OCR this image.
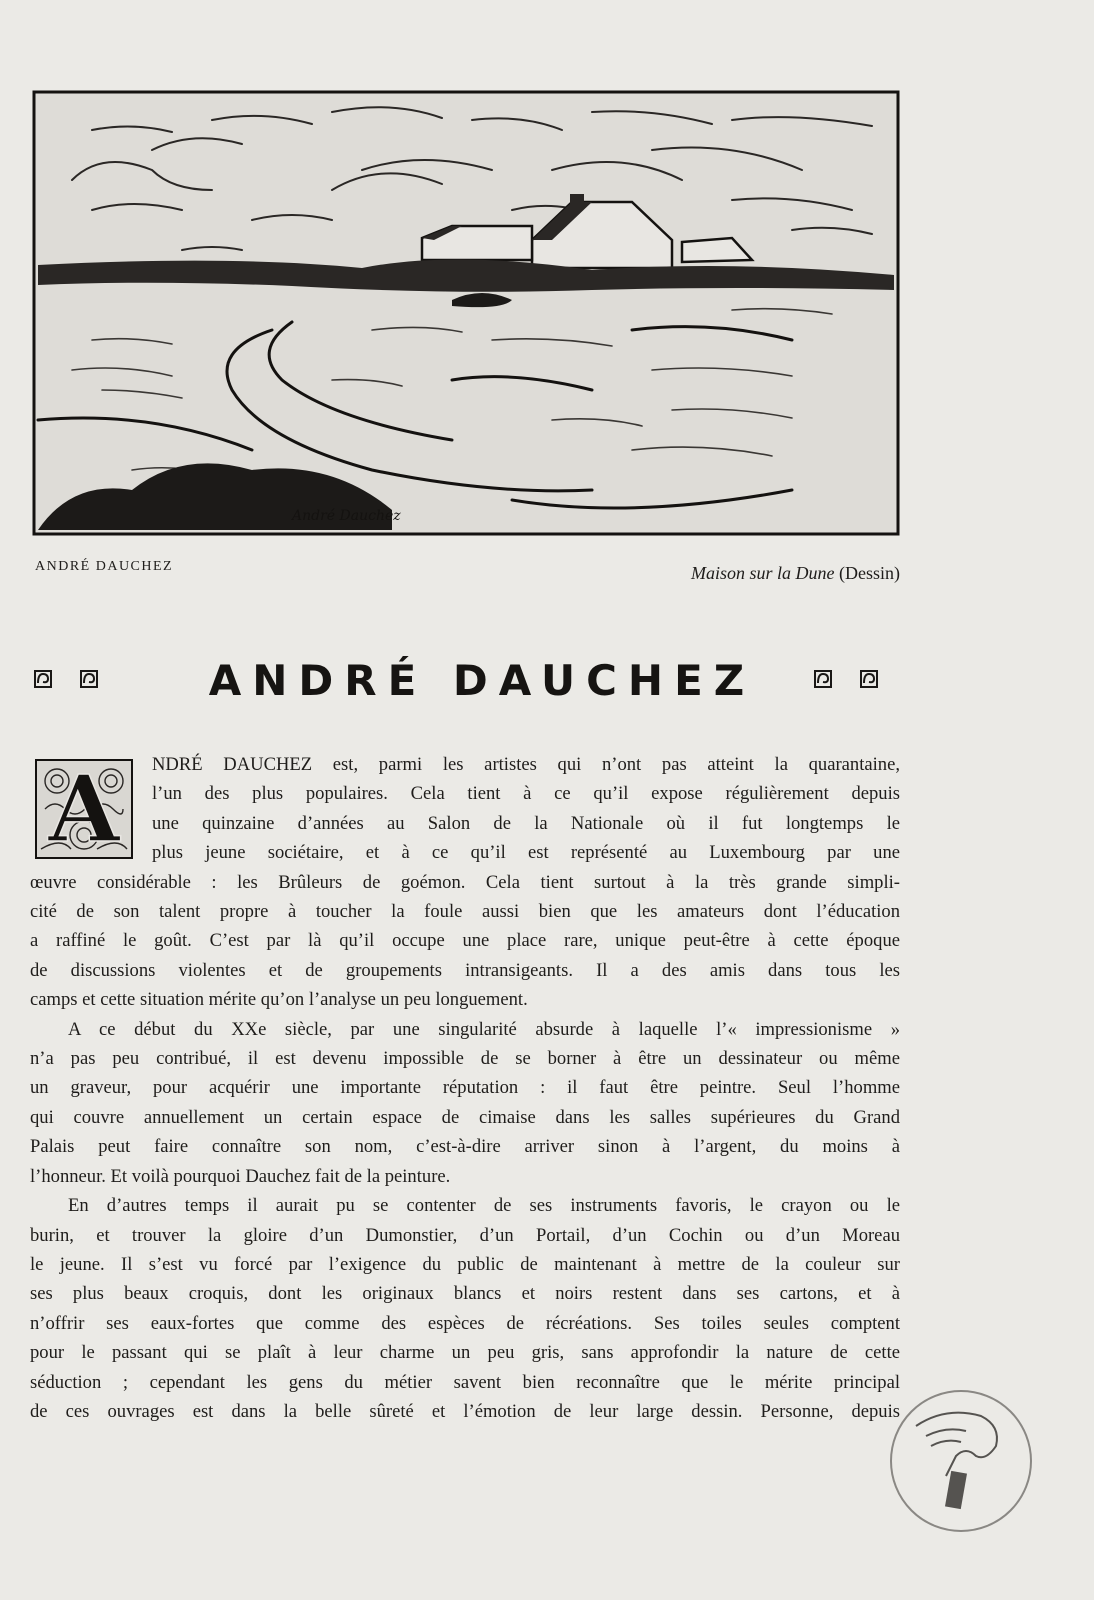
André Dauchez
ANDRÉ DAUCHEZ	Maison sur la Dune (Dessin)
ANDRÉ DAUCHEZ
A	NDRÉ DAUCHEZ est, parmi les artistes qui n’ont pas atteint la quarantaine,
l’un des plus populaires. Cela tient à ce qu’il expose régulièrement depuis
une quinzaine d’années au Salon de la Nationale où il fut longtemps le
plus jeune sociétaire, et à ce qu’il est représenté au Luxembourg par une
œuvre considérable : les Brûleurs de goémon. Cela tient surtout à la très grande simpli-
cité de son talent propre à toucher la foule aussi bien que les amateurs dont l’éducation
a raffiné le goût. C’est par là qu’il occupe une place rare, unique peut-être à cette époque
de discussions violentes et de groupements intransigeants. Il a des amis dans tous les
camps et cette situation mérite qu’on l’analyse un peu longuement.

A ce début du XXe siècle, par une singularité absurde à laquelle l’« impressionisme »
n’a pas peu contribué, il est devenu impossible de se borner à être un dessinateur ou même
un graveur, pour acquérir une importante réputation : il faut être peintre. Seul l’homme
qui couvre annuellement un certain espace de cimaise dans les salles supérieures du Grand
Palais peut faire connaître son nom, c’est-à-dire arriver sinon à l’argent, du moins à
l’honneur. Et voilà pourquoi Dauchez fait de la peinture.

En d’autres temps il aurait pu se contenter de ses instruments favoris, le crayon ou le
burin, et trouver la gloire d’un Dumonstier, d’un Portail, d’un Cochin ou d’un Moreau
le jeune. Il s’est vu forcé par l’exigence du public de maintenant à mettre de la couleur sur
ses plus beaux croquis, dont les originaux blancs et noirs restent dans ses cartons, et à
n’offrir ses eaux-fortes que comme des espèces de récréations. Ses toiles seules comptent
pour le passant qui se plaît à leur charme un peu gris, sans approfondir la nature de cette
séduction ; cependant les gens du métier savent bien reconnaître que le mérite principal
de ces ouvrages est dans la belle sûreté et l’émotion de leur large dessin. Personne, depuis
